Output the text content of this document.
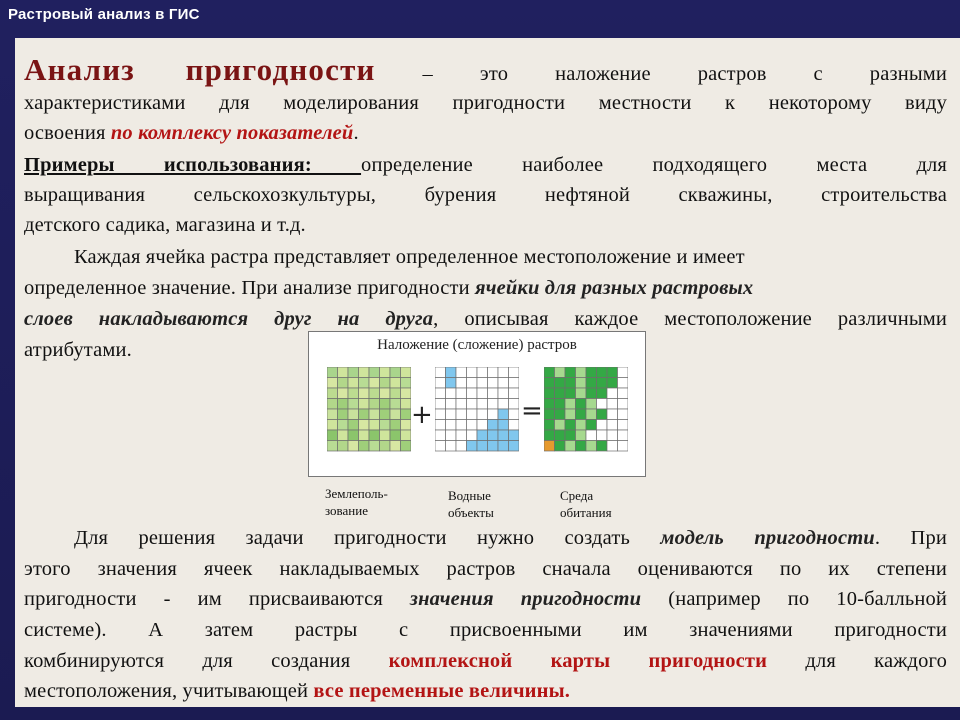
Растровый анализ в ГИС
Анализ пригодности – это наложение растров с разными
характеристиками для моделирования пригодности местности к некоторому виду
освоения по комплексу показателей.
Примеры использования: определение наиболее подходящего места для
выращивания сельскохозкультуры, бурения нефтяной скважины, строительства
детского садика, магазина и т.д.
Каждая ячейка растра представляет определенное местоположение и имеет
определенное значение. При анализе пригодности ячейки для разных растровых
слоев накладываются друг на друга, описывая каждое местоположение различными
атрибутами.	Наложение (сложение) растров
+	=
Землеполь-
зование
Водные
объекты
Среда
обитания
Для решения задачи пригодности нужно создать модель пригодности. При
этого значения ячеек накладываемых растров сначала оцениваются по их степени
пригодности - им присваиваются значения пригодности (например по 10-балльной
системе). А затем растры с присвоенными им значениями пригодности
комбинируются для создания комплексной карты пригодности для каждого
местоположения, учитывающей все переменные величины.
